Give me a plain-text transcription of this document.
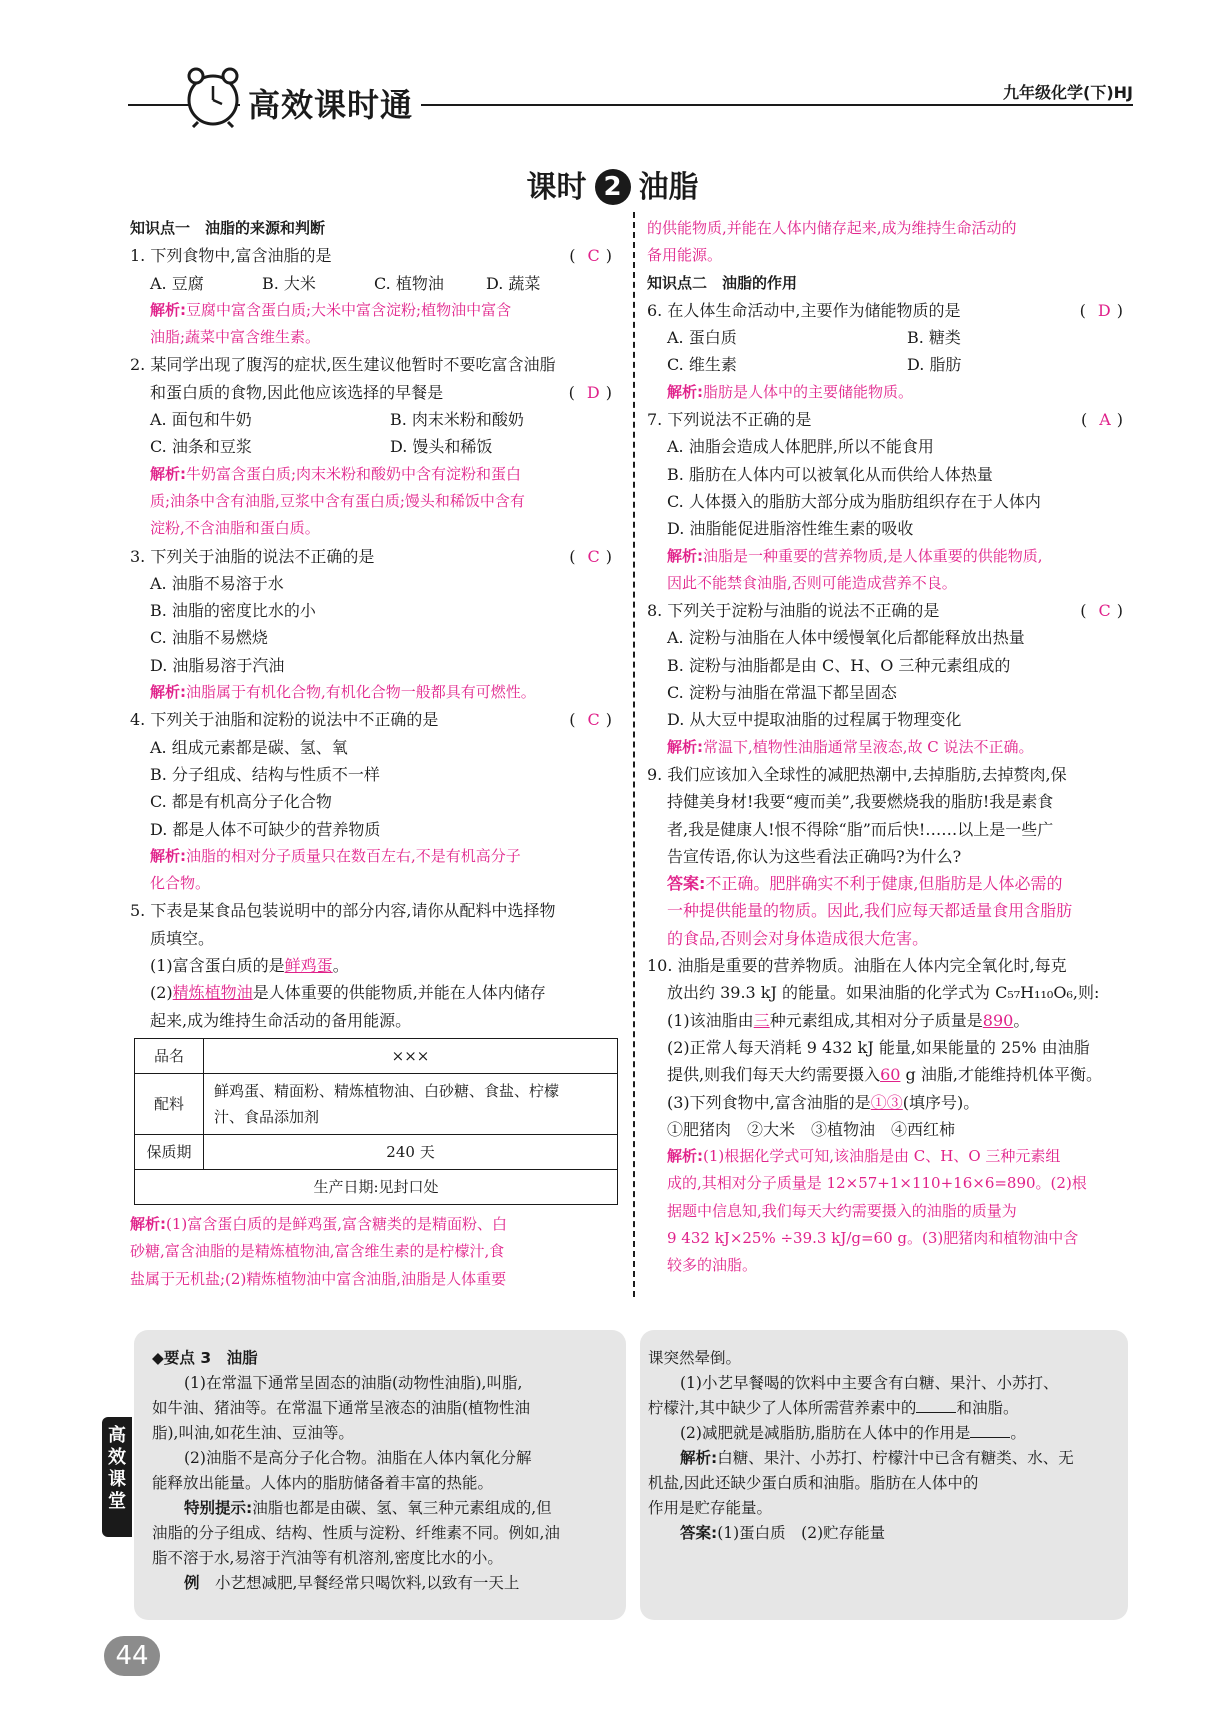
高效课时通	九年级化学(下)HJ
课时 2 油脂
知识点一　油脂的来源和判断
1. 下列食物中,富含油脂的是	( C )
A. 豆腐	B. 大米	C. 植物油	D. 蔬菜
解析:豆腐中富含蛋白质;大米中富含淀粉;植物油中富含
油脂;蔬菜中富含维生素。
2. 某同学出现了腹泻的症状,医生建议他暂时不要吃富含油脂
和蛋白质的食物,因此他应该选择的早餐是	( D )
A. 面包和牛奶	B. 肉末米粉和酸奶
C. 油条和豆浆	D. 馒头和稀饭
解析:牛奶富含蛋白质;肉末米粉和酸奶中含有淀粉和蛋白
质;油条中含有油脂,豆浆中含有蛋白质;馒头和稀饭中含有
淀粉,不含油脂和蛋白质。
3. 下列关于油脂的说法不正确的是	( C )
A. 油脂不易溶于水
B. 油脂的密度比水的小
C. 油脂不易燃烧
D. 油脂易溶于汽油
解析:油脂属于有机化合物,有机化合物一般都具有可燃性。
4. 下列关于油脂和淀粉的说法中不正确的是	( C )
A. 组成元素都是碳、氢、氧
B. 分子组成、结构与性质不一样
C. 都是有机高分子化合物
D. 都是人体不可缺少的营养物质
解析:油脂的相对分子质量只在数百左右,不是有机高分子
化合物。
5. 下表是某食品包装说明中的部分内容,请你从配料中选择物
质填空。
(1)富含蛋白质的是鲜鸡蛋。
(2)精炼植物油是人体重要的供能物质,并能在人体内储存
起来,成为维持生命活动的备用能源。
品名	×××
配料	鲜鸡蛋、精面粉、精炼植物油、白砂糖、食盐、柠檬
汁、食品添加剂

保质期	240 天
生产日期:见封口处	
解析:(1)富含蛋白质的是鲜鸡蛋,富含糖类的是精面粉、白
砂糖,富含油脂的是精炼植物油,富含维生素的是柠檬汁,食
盐属于无机盐;(2)精炼植物油中富含油脂,油脂是人体重要
的供能物质,并能在人体内储存起来,成为维持生命活动的
备用能源。
知识点二　油脂的作用
6. 在人体生命活动中,主要作为储能物质的是	( D )
A. 蛋白质	B. 糖类
C. 维生素	D. 脂肪
解析:脂肪是人体中的主要储能物质。
7. 下列说法不正确的是	( A )
A. 油脂会造成人体肥胖,所以不能食用
B. 脂肪在人体内可以被氧化从而供给人体热量
C. 人体摄入的脂肪大部分成为脂肪组织存在于人体内
D. 油脂能促进脂溶性维生素的吸收
解析:油脂是一种重要的营养物质,是人体重要的供能物质,
因此不能禁食油脂,否则可能造成营养不良。
8. 下列关于淀粉与油脂的说法不正确的是	( C )
A. 淀粉与油脂在人体中缓慢氧化后都能释放出热量
B. 淀粉与油脂都是由 C、H、O 三种元素组成的
C. 淀粉与油脂在常温下都呈固态
D. 从大豆中提取油脂的过程属于物理变化
解析:常温下,植物性油脂通常呈液态,故 C 说法不正确。
9. 我们应该加入全球性的减肥热潮中,去掉脂肪,去掉赘肉,保
持健美身材!我要“瘦而美”,我要燃烧我的脂肪!我是素食
者,我是健康人!恨不得除“脂”而后快!……以上是一些广
告宣传语,你认为这些看法正确吗?为什么?
答案:不正确。肥胖确实不利于健康,但脂肪是人体必需的
一种提供能量的物质。因此,我们应每天都适量食用含脂肪
的食品,否则会对身体造成很大危害。
10. 油脂是重要的营养物质。油脂在人体内完全氧化时,每克
放出约 39.3 kJ 的能量。如果油脂的化学式为 C₅₇H₁₁₀O₆,则:
(1)该油脂由三种元素组成,其相对分子质量是890。
(2)正常人每天消耗 9 432 kJ 能量,如果能量的 25% 由油脂
提供,则我们每天大约需要摄入60 g 油脂,才能维持机体平衡。
(3)下列食物中,富含油脂的是①③(填序号)。
①肥猪肉　②大米　③植物油　④西红柿
解析:(1)根据化学式可知,该油脂是由 C、H、O 三种元素组
成的,其相对分子质量是 12×57+1×110+16×6=890。(2)根
据题中信息知,我们每天大约需要摄入的油脂的质量为
9 432 kJ×25% ÷39.3 kJ/g=60 g。(3)肥猪肉和植物油中含
较多的油脂。
◆要点 3　油脂
(1)在常温下通常呈固态的油脂(动物性油脂),叫脂,
如牛油、猪油等。在常温下通常呈液态的油脂(植物性油
脂),叫油,如花生油、豆油等。
(2)油脂不是高分子化合物。油脂在人体内氧化分解
能释放出能量。人体内的脂肪储备着丰富的热能。
特别提示:油脂也都是由碳、氢、氧三种元素组成的,但
油脂的分子组成、结构、性质与淀粉、纤维素不同。例如,油
脂不溶于水,易溶于汽油等有机溶剂,密度比水的小。
例　 小艺想减肥,早餐经常只喝饮料,以致有一天上
课突然晕倒。
(1)小艺早餐喝的饮料中主要含有白糖、果汁、小苏打、
柠檬汁,其中缺少了人体所需营养素中的	和油脂。
(2)减肥就是减脂肪,脂肪在人体中的作用是	。
解析:白糖、果汁、小苏打、柠檬汁中已含有糖类、水、无
机盐,因此还缺少蛋白质和油脂。脂肪在人体中的
作用是贮存能量。
答案:(1)蛋白质　(2)贮存能量
高效课堂
44
